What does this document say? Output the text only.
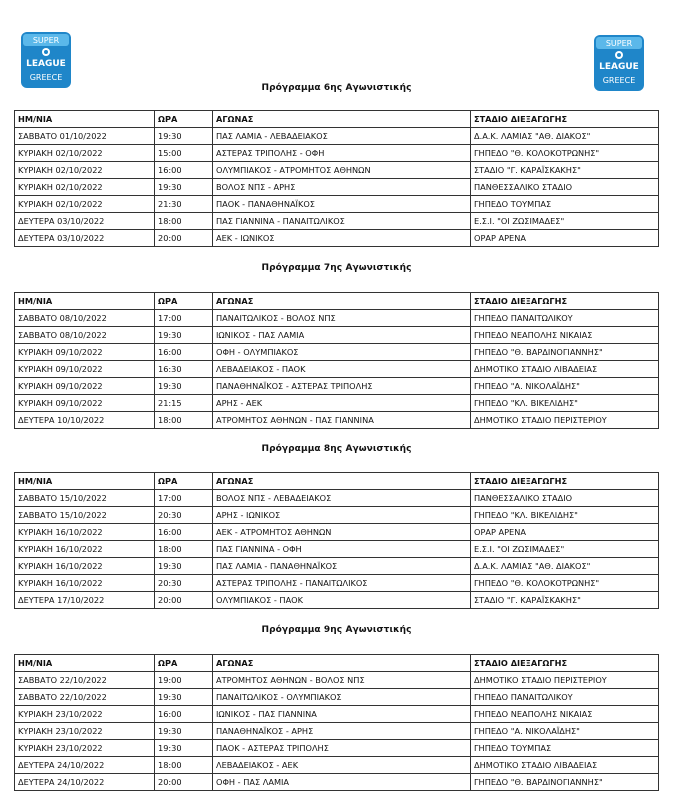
SUPER
LEAGUE
GREECE
SUPER
LEAGUE
GREECE
Πρόγραμμα 6ης Αγωνιστικής
ΗΜ/ΝΙΑ	ΩΡΑ	ΑΓΩΝΑΣ	ΣΤΑΔΙΟ ΔΙΕΞΑΓΩΓΗΣ
ΣΑΒΒΑΤΟ 01/10/2022	19:30	ΠΑΣ ΛΑΜΙΑ - ΛΕΒΑΔΕΙΑΚΟΣ	Δ.Α.Κ. ΛΑΜΙΑΣ "ΑΘ. ΔΙΑΚΟΣ"
ΚΥΡΙΑΚΗ 02/10/2022	15:00	ΑΣΤΕΡΑΣ ΤΡΙΠΟΛΗΣ - ΟΦΗ	ΓΗΠΕΔΟ "Θ. ΚΟΛΟΚΟΤΡΩΝΗΣ"
ΚΥΡΙΑΚΗ 02/10/2022	16:00	ΟΛΥΜΠΙΑΚΟΣ - ΑΤΡΟΜΗΤΟΣ ΑΘΗΝΩΝ	ΣΤΑΔΙΟ "Γ. ΚΑΡΑΪΣΚΑΚΗΣ"
ΚΥΡΙΑΚΗ 02/10/2022	19:30	ΒΟΛΟΣ ΝΠΣ - ΑΡΗΣ	ΠΑΝΘΕΣΣΑΛΙΚΟ ΣΤΑΔΙΟ
ΚΥΡΙΑΚΗ 02/10/2022	21:30	ΠΑΟΚ - ΠΑΝΑΘΗΝΑΪΚΟΣ	ΓΗΠΕΔΟ ΤΟΥΜΠΑΣ
ΔΕΥΤΕΡΑ 03/10/2022	18:00	ΠΑΣ ΓΙΑΝΝΙΝΑ - ΠΑΝΑΙΤΩΛΙΚΟΣ	Ε.Σ.Ι. "ΟΙ ΖΩΣΙΜΑΔΕΣ"
ΔΕΥΤΕΡΑ 03/10/2022	20:00	ΑΕΚ - ΙΩΝΙΚΟΣ	ΟΡΑΡ ΑΡΕΝΑ
Πρόγραμμα 7ης Αγωνιστικής
ΗΜ/ΝΙΑ	ΩΡΑ	ΑΓΩΝΑΣ	ΣΤΑΔΙΟ ΔΙΕΞΑΓΩΓΗΣ
ΣΑΒΒΑΤΟ 08/10/2022	17:00	ΠΑΝΑΙΤΩΛΙΚΟΣ - ΒΟΛΟΣ ΝΠΣ	ΓΗΠΕΔΟ ΠΑΝΑΙΤΩΛΙΚΟΥ
ΣΑΒΒΑΤΟ 08/10/2022	19:30	ΙΩΝΙΚΟΣ - ΠΑΣ ΛΑΜΙΑ	ΓΗΠΕΔΟ ΝΕΑΠΟΛΗΣ ΝΙΚΑΙΑΣ
ΚΥΡΙΑΚΗ 09/10/2022	16:00	ΟΦΗ - ΟΛΥΜΠΙΑΚΟΣ	ΓΗΠΕΔΟ "Θ. ΒΑΡΔΙΝΟΓΙΑΝΝΗΣ"
ΚΥΡΙΑΚΗ 09/10/2022	16:30	ΛΕΒΑΔΕΙΑΚΟΣ - ΠΑΟΚ	ΔΗΜΟΤΙΚΟ ΣΤΑΔΙΟ ΛΙΒΑΔΕΙΑΣ
ΚΥΡΙΑΚΗ 09/10/2022	19:30	ΠΑΝΑΘΗΝΑΪΚΟΣ - ΑΣΤΕΡΑΣ ΤΡΙΠΟΛΗΣ	ΓΗΠΕΔΟ "Α. ΝΙΚΟΛΑΪΔΗΣ"
ΚΥΡΙΑΚΗ 09/10/2022	21:15	ΑΡΗΣ - ΑΕΚ	ΓΗΠΕΔΟ "ΚΛ. ΒΙΚΕΛΙΔΗΣ"
ΔΕΥΤΕΡΑ 10/10/2022	18:00	ΑΤΡΟΜΗΤΟΣ ΑΘΗΝΩΝ - ΠΑΣ ΓΙΑΝΝΙΝΑ	ΔΗΜΟΤΙΚΟ ΣΤΑΔΙΟ ΠΕΡΙΣΤΕΡΙΟΥ
Πρόγραμμα 8ης Αγωνιστικής
ΗΜ/ΝΙΑ	ΩΡΑ	ΑΓΩΝΑΣ	ΣΤΑΔΙΟ ΔΙΕΞΑΓΩΓΗΣ
ΣΑΒΒΑΤΟ 15/10/2022	17:00	ΒΟΛΟΣ ΝΠΣ - ΛΕΒΑΔΕΙΑΚΟΣ	ΠΑΝΘΕΣΣΑΛΙΚΟ ΣΤΑΔΙΟ
ΣΑΒΒΑΤΟ 15/10/2022	20:30	ΑΡΗΣ - ΙΩΝΙΚΟΣ	ΓΗΠΕΔΟ "ΚΛ. ΒΙΚΕΛΙΔΗΣ"
ΚΥΡΙΑΚΗ 16/10/2022	16:00	ΑΕΚ - ΑΤΡΟΜΗΤΟΣ ΑΘΗΝΩΝ	ΟΡΑΡ ΑΡΕΝΑ
ΚΥΡΙΑΚΗ 16/10/2022	18:00	ΠΑΣ ΓΙΑΝΝΙΝΑ - ΟΦΗ	Ε.Σ.Ι. "ΟΙ ΖΩΣΙΜΑΔΕΣ"
ΚΥΡΙΑΚΗ 16/10/2022	19:30	ΠΑΣ ΛΑΜΙΑ - ΠΑΝΑΘΗΝΑΪΚΟΣ	Δ.Α.Κ. ΛΑΜΙΑΣ "ΑΘ. ΔΙΑΚΟΣ"
ΚΥΡΙΑΚΗ 16/10/2022	20:30	ΑΣΤΕΡΑΣ ΤΡΙΠΟΛΗΣ - ΠΑΝΑΙΤΩΛΙΚΟΣ	ΓΗΠΕΔΟ "Θ. ΚΟΛΟΚΟΤΡΩΝΗΣ"
ΔΕΥΤΕΡΑ 17/10/2022	20:00	ΟΛΥΜΠΙΑΚΟΣ - ΠΑΟΚ	ΣΤΑΔΙΟ "Γ. ΚΑΡΑΪΣΚΑΚΗΣ"
Πρόγραμμα 9ης Αγωνιστικής
ΗΜ/ΝΙΑ	ΩΡΑ	ΑΓΩΝΑΣ	ΣΤΑΔΙΟ ΔΙΕΞΑΓΩΓΗΣ
ΣΑΒΒΑΤΟ 22/10/2022	19:00	ΑΤΡΟΜΗΤΟΣ ΑΘΗΝΩΝ - ΒΟΛΟΣ ΝΠΣ	ΔΗΜΟΤΙΚΟ ΣΤΑΔΙΟ ΠΕΡΙΣΤΕΡΙΟΥ
ΣΑΒΒΑΤΟ 22/10/2022	19:30	ΠΑΝΑΙΤΩΛΙΚΟΣ - ΟΛΥΜΠΙΑΚΟΣ	ΓΗΠΕΔΟ ΠΑΝΑΙΤΩΛΙΚΟΥ
ΚΥΡΙΑΚΗ 23/10/2022	16:00	ΙΩΝΙΚΟΣ - ΠΑΣ ΓΙΑΝΝΙΝΑ	ΓΗΠΕΔΟ ΝΕΑΠΟΛΗΣ ΝΙΚΑΙΑΣ
ΚΥΡΙΑΚΗ 23/10/2022	19:30	ΠΑΝΑΘΗΝΑΪΚΟΣ - ΑΡΗΣ	ΓΗΠΕΔΟ "Α. ΝΙΚΟΛΑΪΔΗΣ"
ΚΥΡΙΑΚΗ 23/10/2022	19:30	ΠΑΟΚ - ΑΣΤΕΡΑΣ ΤΡΙΠΟΛΗΣ	ΓΗΠΕΔΟ ΤΟΥΜΠΑΣ
ΔΕΥΤΕΡΑ 24/10/2022	18:00	ΛΕΒΑΔΕΙΑΚΟΣ - ΑΕΚ	ΔΗΜΟΤΙΚΟ ΣΤΑΔΙΟ ΛΙΒΑΔΕΙΑΣ
ΔΕΥΤΕΡΑ 24/10/2022	20:00	ΟΦΗ - ΠΑΣ ΛΑΜΙΑ	ΓΗΠΕΔΟ "Θ. ΒΑΡΔΙΝΟΓΙΑΝΝΗΣ"
